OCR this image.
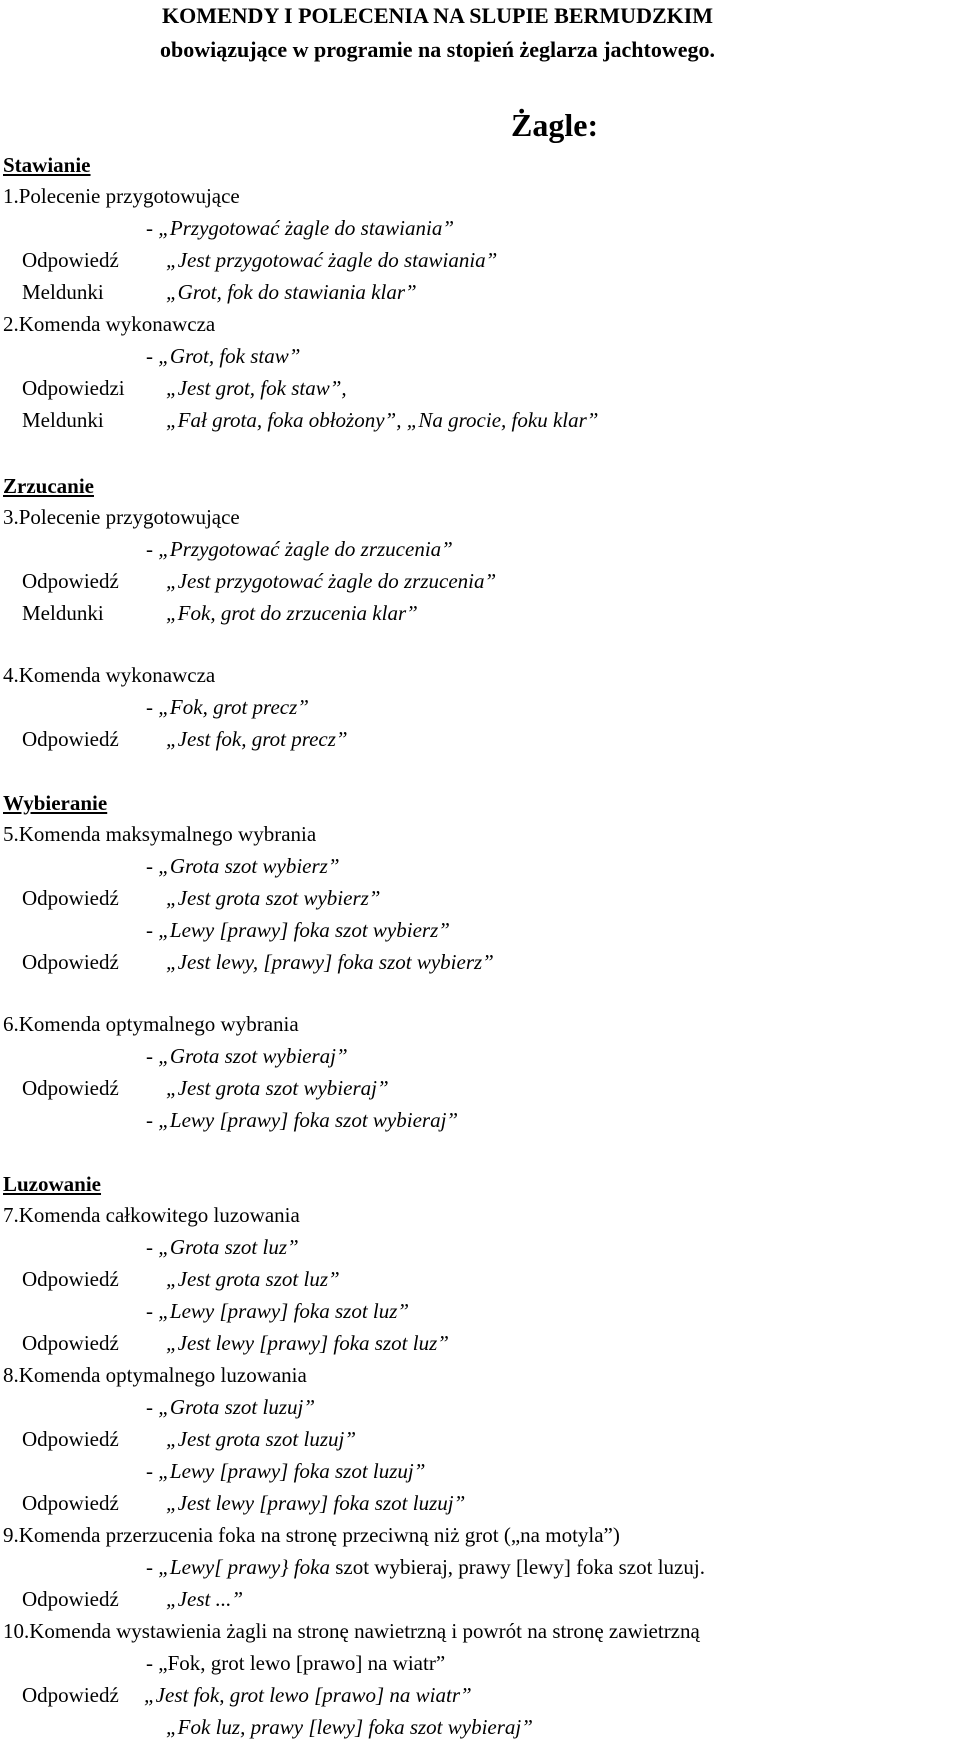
KOMENDY I POLECENIA NA SLUPIE BERMUDZKIM
obowiązujące w programie na stopień żeglarza jachtowego.
Żagle:
Stawianie
1.Polecenie przygotowujące
- „Przygotować żagle do stawiania”
Odpowiedź „Jest przygotować żagle do stawiania”
Meldunki	„Grot, fok do stawiania klar”
2.Komenda wykonawcza
- „Grot, fok staw”
Odpowiedzi „Jest grot, fok staw”,
Meldunki	„Fał grota, foka obłożony”, „Na grocie, foku klar”
Zrzucanie
3.Polecenie przygotowujące
- „Przygotować żagle do zrzucenia”
Odpowiedź „Jest przygotować żagle do zrzucenia”
Meldunki	„Fok, grot do zrzucenia klar”
4.Komenda wykonawcza
- „Fok, grot precz”
Odpowiedź „Jest fok, grot precz”
Wybieranie
5.Komenda maksymalnego wybrania
- „Grota szot wybierz”
Odpowiedź „Jest grota szot wybierz”
- „Lewy [prawy] foka szot wybierz”
Odpowiedź „Jest lewy, [prawy] foka szot wybierz”
6.Komenda optymalnego wybrania
- „Grota szot wybieraj”
Odpowiedź „Jest grota szot wybieraj”
- „Lewy [prawy] foka szot wybieraj”
Luzowanie
7.Komenda całkowitego luzowania
- „Grota szot luz”
Odpowiedź „Jest grota szot luz”
- „Lewy [prawy] foka szot luz”
Odpowiedź „Jest lewy [prawy] foka szot luz”
8.Komenda optymalnego luzowania
- „Grota szot luzuj”
Odpowiedź „Jest grota szot luzuj”
- „Lewy [prawy] foka szot luzuj”
Odpowiedź „Jest lewy [prawy] foka szot luzuj”
9.Komenda przerzucenia foka na stronę przeciwną niż grot („na motyla”)
- „Lewy[ prawy} foka szot wybieraj, prawy [lewy] foka szot luzuj.
Odpowiedź „Jest ...”
10.Komenda wystawienia żagli na stronę nawietrzną i powrót na stronę zawietrzną
- „Fok, grot lewo [prawo] na wiatr”
Odpowiedź „Jest fok, grot lewo [prawo] na wiatr”
„Fok luz, prawy [lewy] foka szot wybieraj”
